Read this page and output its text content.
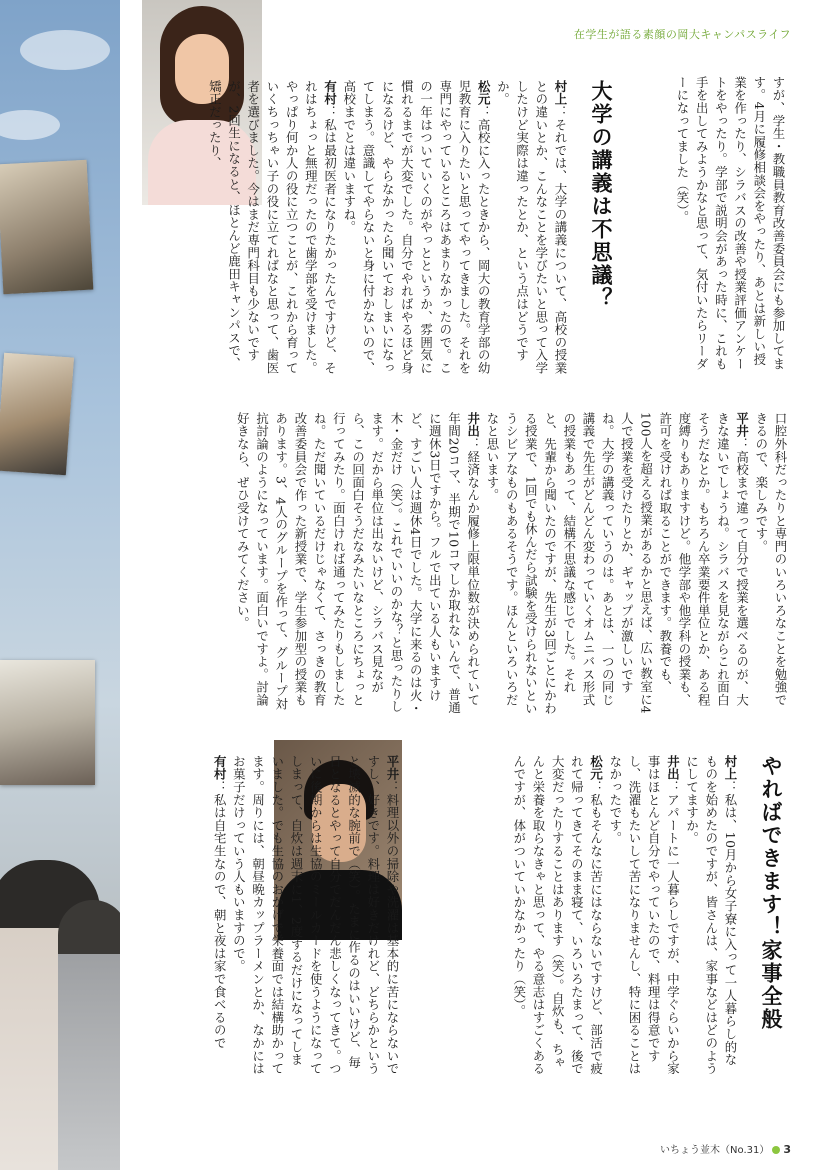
在学生が語る素顔の岡大キャンパスライフ

すが、学生・教職員教育改善委員会にも参加してます。4月に履修相談会をやったり、あとは新しい授業を作ったり、シラバスの改善や授業評価アンケートをやったり。学部で説明会があった時に、これも手を出してみようかなと思って、気付いたらリーダーになってました（笑）。

大学の講義は不思議？

村上：それでは、大学の講義について、高校の授業との違いとか、こんなことを学びたいと思って入学したけど実際は違ったとか、という点はどうですか。

松元：高校に入ったときから、岡大の教育学部の幼児教育に入りたいと思ってやってきました。それを専門にやっているところはあまりなかったので。この一年はついていくのがやっとというか、雰囲気に慣れるまでが大変でした。自分でやればやるほど身になるけど、やらなかったら聞いておしまいになってしまう。意識してやらないと身に付かないので、高校までとは違いますね。

有村：私は最初医者になりたかったんですけど、それはちょっと無理だったので歯学部を受けました。やっぱり何か人の役に立つことが、これから育っていくちっちゃい子の役に立てればなと思って、歯医者を選びました。今はまだ専門科目も少ないですが、2回生になると、ほとんど鹿田キャンパスで、矯正だったり、

口腔外科だったりと専門のいろいろなことを勉強できるので、楽しみです。

平井：高校まで違って自分で授業を選べるのが、大きな違いでしょうね。シラバスを見ながらこれ面白そうだなとか。もちろん卒業要件単位とか、ある程度縛りもありますけど。他学部や他学科の授業も、許可を受ければ取ることができます。教養でも、100人を超える授業があるかと思えば、広い教室に4人で授業を受けたりとか、ギャップが激しいですね。大学の講義っていうのは。あとは、一つの同じ講義で先生がどんどん変わっていくオムニバス形式の授業もあって、結構不思議な感じでした。それと、先輩から聞いたのですが、先生が3回ごとにかわる授業で、1回でも休んだら試験を受けられないというシビアなものもあるそうです。ほんといろいろだなと思います。

井出：経済なんか履修上限単位数が決められていて年間20コマ、半期で10コマしか取れないんで、普通に週休3日ですから。フルで出ている人もいますけど、すごい人は週休4日でした。大学に来るのは火・木・金だけ（笑）。これでいいのかな？と思ったりします。だから単位は出ないけど、シラバス見ながら、この回面白そうだなみたいなところにちょっと行ってみたり。面白ければ通ってみたりもしましたね。ただ聞いているだけじゃなくて、さっきの教育改善委員会で作った新授業で、学生参加型の授業もあります。3、4人のグループを作って、グループ対抗討論のようになっています。面白いですよ。討論好きなら、ぜひ受けてみてください。

やればできます！家事全般

村上：私は、10月から女子寮に入って一人暮らし的なものを始めたのですが、皆さんは、家事などはどのようにしてますか。

井出：アパートに一人暮らしですが、中学ぐらいから家事はほとんど自分でやっていたので、料理は得意ですし、洗濯もたいして苦になりませんし、特に困ることはなかったです。

松元：私もそんなに苦にはならないですけど、部活で疲れて帰ってきてそのまま寝て、いろいろたまって、後で大変だったりすることはあります（笑）。自炊も、ちゃんと栄養を取らなきゃと思って、やる意志はすごくあるんですが、体がついていかなかったり（笑）。

平井：料理以外の掃除や洗濯は基本的に苦にならないですし、好きです。料理は好きだけれど、どちらかというと壊滅的な腕前で（笑）。たまに作るのはいいけど、毎日となるとやって自分でだんだん悲しくなってきて。ついに後期からは生協のミールカードを使うようになってしまって、自炊は週末に1、2度するだけになってしまいました。でも生協のおかげで栄養面では結構助かってます。周りには、朝昼晩カップラーメンとか、なかにはお菓子だけっていう人もいますので。

有村：私は自宅生なので、朝と夜は家で食べるので

いちょう並木（No.31） 3
